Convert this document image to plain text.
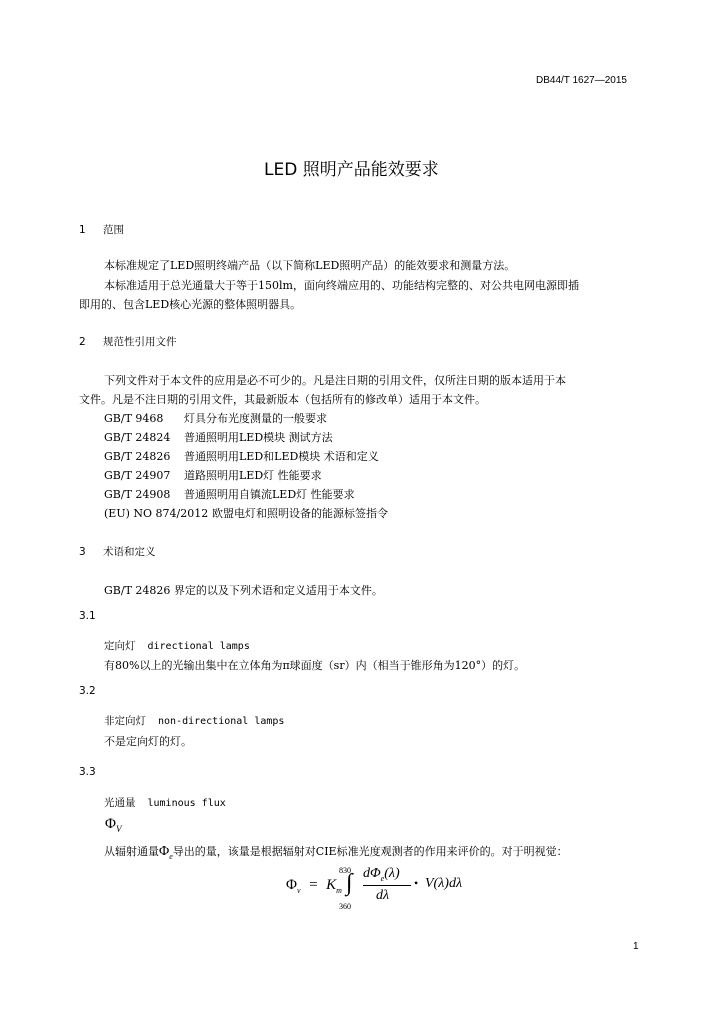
DB44/T 1627—2015
LED 照明产品能效要求
1 范围
本标准规定了LED照明终端产品（以下简称LED照明产品）的能效要求和测量方法。
本标准适用于总光通量大于等于150lm，面向终端应用的、功能结构完整的、对公共电网电源即插
即用的、包含LED核心光源的整体照明器具。
2 规范性引用文件
下列文件对于本文件的应用是必不可少的。凡是注日期的引用文件，仅所注日期的版本适用于本
文件。凡是不注日期的引用文件，其最新版本（包括所有的修改单）适用于本文件。
GB/T 9468 灯具分布光度测量的一般要求
GB/T 24824 普通照明用LED模块 测试方法
GB/T 24826 普通照明用LED和LED模块 术语和定义
GB/T 24907 道路照明用LED灯 性能要求
GB/T 24908 普通照明用自镇流LED灯 性能要求
(EU) NO 874/2012 欧盟电灯和照明设备的能源标签指令
3 术语和定义
GB/T 24826 界定的以及下列术语和定义适用于本文件。
3.1
定向灯 directional lamps
有80%以上的光输出集中在立体角为π球面度（sr）内（相当于锥形角为120°）的灯。
3.2
非定向灯 non-directional lamps
不是定向灯的灯。
3.3
光通量 luminous flux
$\Phi_V$
从辐射通量$\Phi_e$导出的量，该量是根据辐射对CIE标准光度观测者的作用来评价的。对于明视觉：
$\Phi_v = K_m$
830
∫
360
$d\Phi_e(\lambda)$
dλ
• V(λ)dλ
1
